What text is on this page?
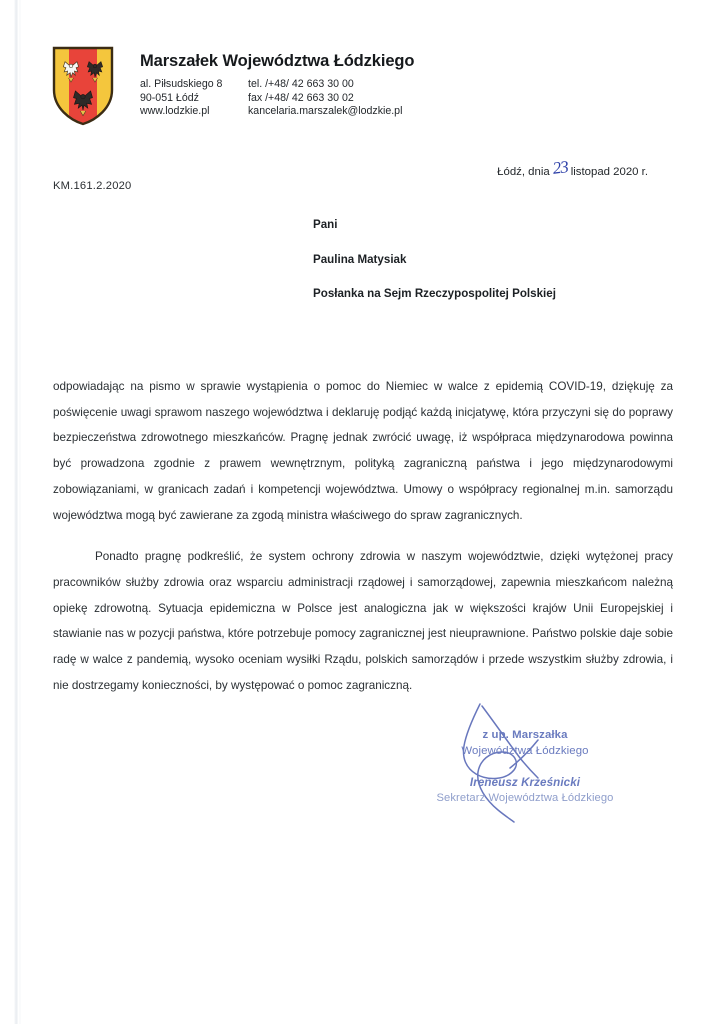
Marszałek Województwa Łódzkiego
al. Piłsudskiego 8
90-051 Łódź
www.lodzkie.pl
tel. /+48/ 42 663 30 00
fax /+48/ 42 663 30 02
kancelaria.marszalek@lodzkie.pl
Łódź, dnia23 listopad 2020 r.
KM.161.2.2020
Pani
Paulina Matysiak
Posłanka na Sejm Rzeczypospolitej Polskiej

odpowiadając na pismo w sprawie wystąpienia o pomoc do Niemiec w walce z epidemią COVID-19, dziękuję za poświęcenie uwagi sprawom naszego województwa i deklaruję podjąć każdą inicjatywę, która przyczyni się do poprawy bezpieczeństwa zdrowotnego mieszkańców. Pragnę jednak zwrócić uwagę, iż współpraca międzynarodowa powinna być prowadzona zgodnie z prawem wewnętrznym, polityką zagraniczną państwa i jego międzynarodowymi zobowiązaniami, w granicach zadań i kompetencji województwa. Umowy o współpracy regionalnej m.in. samorządu województwa mogą być zawierane za zgodą ministra właściwego do spraw zagranicznych.

Ponadto pragnę podkreślić, że system ochrony zdrowia w naszym województwie, dzięki wytężonej pracy pracowników służby zdrowia oraz wsparciu administracji rządowej i samorządowej, zapewnia mieszkańcom należną opiekę zdrowotną. Sytuacja epidemiczna w Polsce jest analogiczna jak w większości krajów Unii Europejskiej i stawianie nas w pozycji państwa, które potrzebuje pomocy zagranicznej jest nieuprawnione. Państwo polskie daje sobie radę w walce z pandemią, wysoko oceniam wysiłki Rządu, polskich samorządów i przede wszystkim służby zdrowia, i nie dostrzegamy konieczności, by występować o pomoc zagraniczną.

z up. Marszałka
Województwa Łódzkiego
Ireneusz Krześnicki
Sekretarz Województwa Łódzkiego
